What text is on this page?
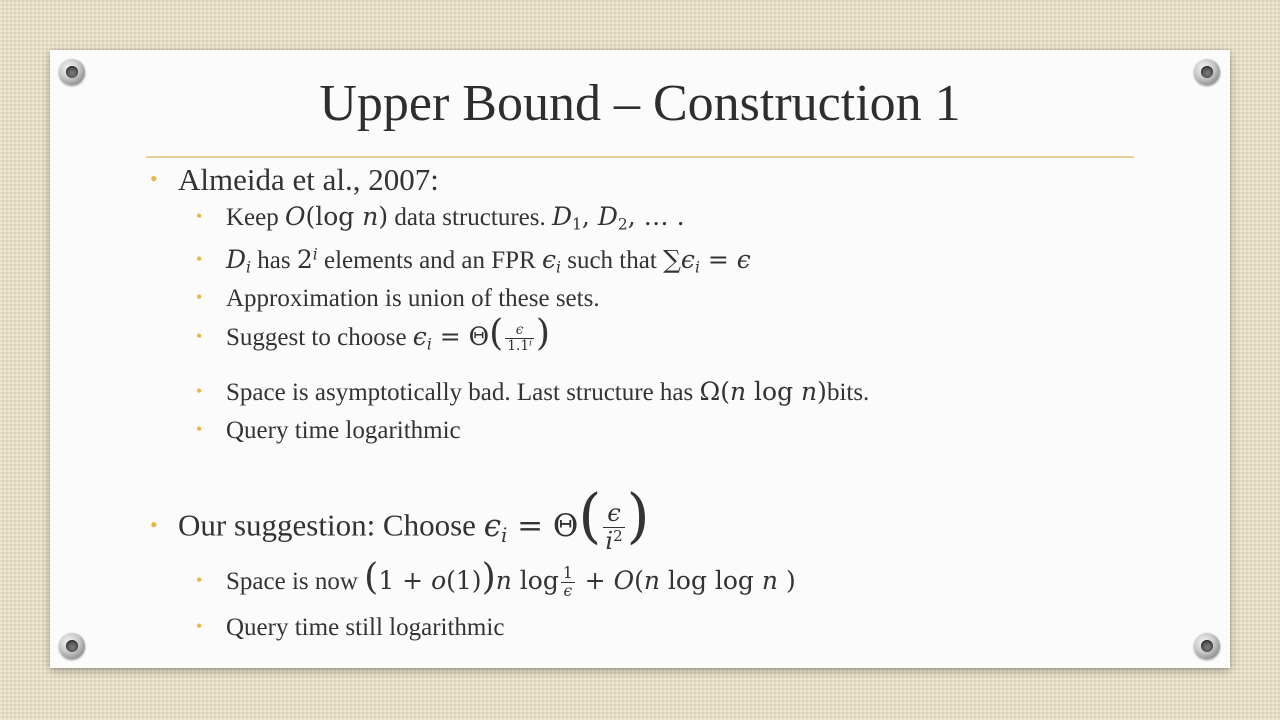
Upper Bound – Construction 1
• Almeida et al., 2007:
• Keep O(log n) data structures. $D_1$, $D_2$, … .
• $D_i$ has 2$^i$ elements and an FPR $\epsilon_i$ such that $\sum\epsilon_i = \epsilon$
• Approximation is union of these sets.
• Suggest to choose $\epsilon_i = \Theta( \frac{\epsilon}{1.1^i}$ )
• Space is asymptotically bad. Last structure has Ω(n log n)bits.
• Query time logarithmic
• Our suggestion: Choose $\epsilon_i = \Theta( \frac{\epsilon}{i^2}$ )
• Space is now (1 + o(1))n $\log \frac{1}{\epsilon} + O(n$ log log n )
• Query time still logarithmic
